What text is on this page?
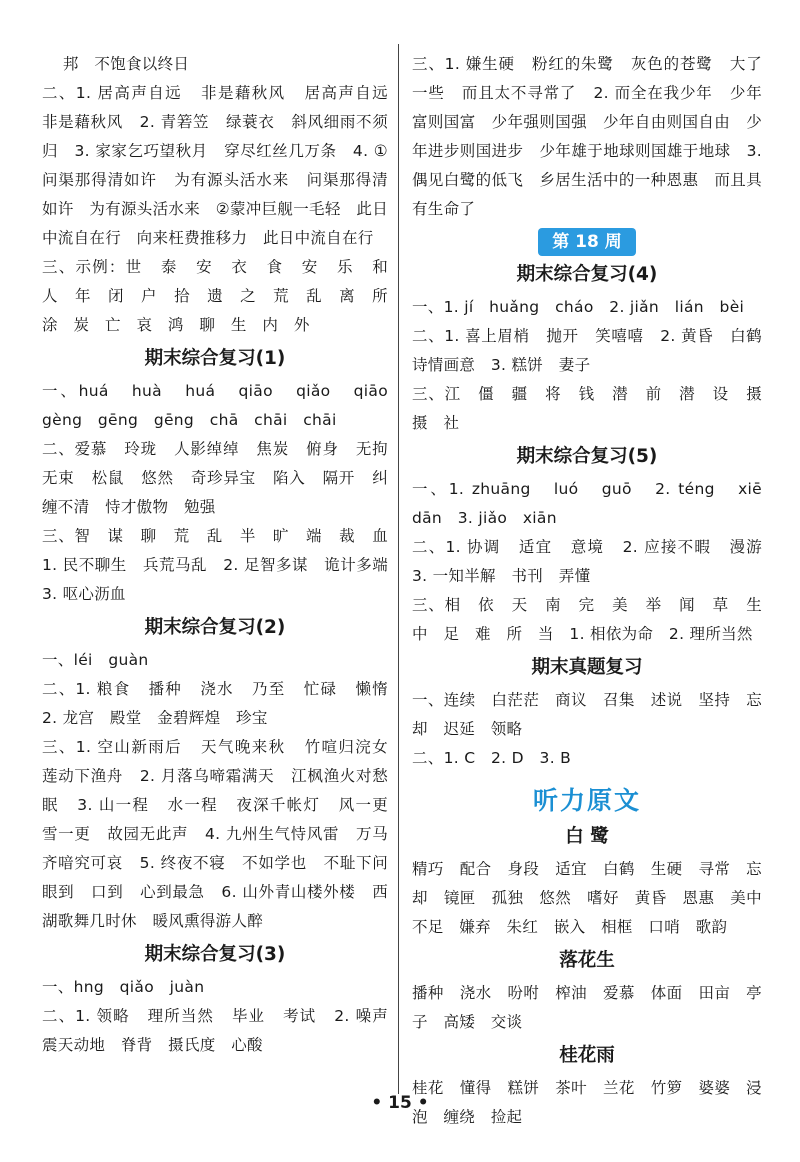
邦   不饱食以终日

二、1. 居高声自远   非是藉秋风   居高声自远   非是藉秋风   2. 青箬笠   绿蓑衣   斜风细雨不须归   3. 家家乞巧望秋月   穿尽红丝几万条   4. ①问渠那得清如许   为有源头活水来   问渠那得清如许   为有源头活水来   ②蒙冲巨舰一毛轻   此日中流自在行   向来枉费推移力   此日中流自在行

三、示例：世   泰   安   衣   食   安   乐   和   人   年   闭   户   拾   遗   之   荒   乱   离   所   涂   炭   亡   哀   鸿   聊   生   内   外

期末综合复习(1)

一、huá   huà   huá   qiāo   qiǎo   qiāo   gèng   gēng   gēng   chā   chāi   chāi

二、爱慕   玲珑   人影绰绰   焦炭   俯身   无拘无束   松鼠   悠然   奇珍异宝   陷入   隔开   纠缠不清   恃才傲物   勉强

三、智   谋   聊   荒   乱   半   旷   端   裁   血   1. 民不聊生   兵荒马乱   2. 足智多谋   诡计多端   3. 呕心沥血

期末综合复习(2)

一、léi   guàn

二、1. 粮食   播种   浇水   乃至   忙碌   懒惰   2. 龙宫   殿堂   金碧辉煌   珍宝

三、1. 空山新雨后   天气晚来秋   竹喧归浣女   莲动下渔舟   2. 月落乌啼霜满天   江枫渔火对愁眠   3. 山一程   水一程   夜深千帐灯   风一更   雪一更   故园无此声   4. 九州生气恃风雷   万马齐喑究可哀   5. 终夜不寝   不如学也   不耻下问   眼到   口到   心到最急   6. 山外青山楼外楼   西湖歌舞几时休   暖风熏得游人醉

期末综合复习(3)

一、hng   qiǎo   juàn

二、1. 领略   理所当然   毕业   考试   2. 噪声   震天动地   脊背   摄氏度   心酸

三、1. 嫌生硬   粉红的朱鹭   灰色的苍鹭   大了一些   而且太不寻常了   2. 而全在我少年   少年富则国富   少年强则国强   少年自由则国自由   少年进步则国进步   少年雄于地球则国雄于地球   3. 偶见白鹭的低飞   乡居生活中的一种恩惠   而且具有生命了

第 18 周
期末综合复习(4)

一、1. jí   huǎng   cháo   2. jiǎn   lián   bèi

二、1. 喜上眉梢   抛开   笑嘻嘻   2. 黄昏   白鹤   诗情画意   3. 糕饼   妻子

三、江   僵   疆   将   钱   潜   前   潜   设   摄   摄   社

期末综合复习(5)

一、1. zhuāng   luó   guō   2. téng   xiē   dān   3. jiǎo   xiān

二、1. 协调   适宜   意境   2. 应接不暇   漫游   3. 一知半解   书刊   弄懂

三、相   依   天   南   完   美   举   闻   草   生   中   足   难   所   当   1. 相依为命   2. 理所当然

期末真题复习

一、连续   白茫茫   商议   召集   述说   坚持   忘却   迟延   领略

二、1. C   2. D   3. B

听力原文
白 鹭

精巧   配合   身段   适宜   白鹤   生硬   寻常   忘却   镜匣   孤独   悠然   嗜好   黄昏   恩惠   美中不足   嫌弃   朱红   嵌入   相框   口哨   歌韵

落花生

播种   浇水   吩咐   榨油   爱慕   体面   田亩   亭子   高矮   交谈

桂花雨

桂花   懂得   糕饼   茶叶   兰花   竹箩   婆婆   浸泡   缠绕   捡起

• 15 •
